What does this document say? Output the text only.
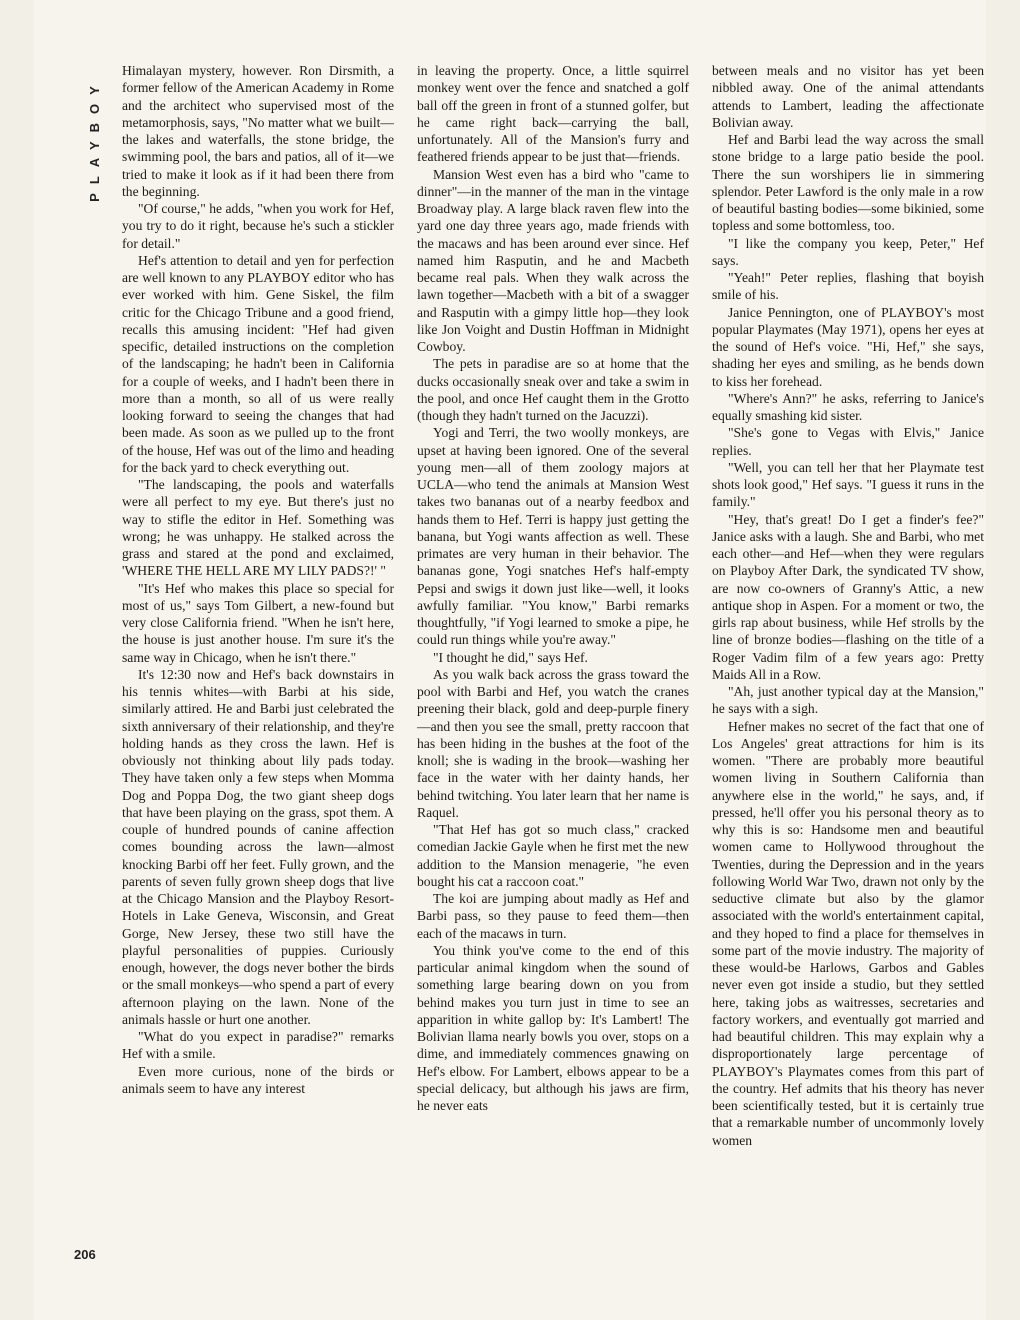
PLAYBOY

Himalayan mystery, however. Ron Dirsmith, a former fellow of the American Academy in Rome and the architect who supervised most of the metamorphosis, says, "No matter what we built—the lakes and waterfalls, the stone bridge, the swimming pool, the bars and patios, all of it—we tried to make it look as if it had been there from the beginning.

"Of course," he adds, "when you work for Hef, you try to do it right, because he's such a stickler for detail."

Hef's attention to detail and yen for perfection are well known to any PLAYBOY editor who has ever worked with him. Gene Siskel, the film critic for the Chicago Tribune and a good friend, recalls this amusing incident: "Hef had given specific, detailed instructions on the completion of the landscaping; he hadn't been in California for a couple of weeks, and I hadn't been there in more than a month, so all of us were really looking forward to seeing the changes that had been made. As soon as we pulled up to the front of the house, Hef was out of the limo and heading for the back yard to check everything out.

"The landscaping, the pools and waterfalls were all perfect to my eye. But there's just no way to stifle the editor in Hef. Something was wrong; he was unhappy. He stalked across the grass and stared at the pond and exclaimed, 'WHERE THE HELL ARE MY LILY PADS?!' "

"It's Hef who makes this place so special for most of us," says Tom Gilbert, a new-found but very close California friend. "When he isn't here, the house is just another house. I'm sure it's the same way in Chicago, when he isn't there."

It's 12:30 now and Hef's back downstairs in his tennis whites—with Barbi at his side, similarly attired. He and Barbi just celebrated the sixth anniversary of their relationship, and they're holding hands as they cross the lawn. Hef is obviously not thinking about lily pads today. They have taken only a few steps when Momma Dog and Poppa Dog, the two giant sheep dogs that have been playing on the grass, spot them. A couple of hundred pounds of canine affection comes bounding across the lawn—almost knocking Barbi off her feet. Fully grown, and the parents of seven fully grown sheep dogs that live at the Chicago Mansion and the Playboy Resort-Hotels in Lake Geneva, Wisconsin, and Great Gorge, New Jersey, these two still have the playful personalities of puppies. Curiously enough, however, the dogs never bother the birds or the small monkeys—who spend a part of every afternoon playing on the lawn. None of the animals hassle or hurt one another.

"What do you expect in paradise?" remarks Hef with a smile.

Even more curious, none of the birds or animals seem to have any interest

in leaving the property. Once, a little squirrel monkey went over the fence and snatched a golf ball off the green in front of a stunned golfer, but he came right back—carrying the ball, unfortunately. All of the Mansion's furry and feathered friends appear to be just that—friends.

Mansion West even has a bird who "came to dinner"—in the manner of the man in the vintage Broadway play. A large black raven flew into the yard one day three years ago, made friends with the macaws and has been around ever since. Hef named him Rasputin, and he and Macbeth became real pals. When they walk across the lawn together—Macbeth with a bit of a swagger and Rasputin with a gimpy little hop—they look like Jon Voight and Dustin Hoffman in Midnight Cowboy.

The pets in paradise are so at home that the ducks occasionally sneak over and take a swim in the pool, and once Hef caught them in the Grotto (though they hadn't turned on the Jacuzzi).

Yogi and Terri, the two woolly monkeys, are upset at having been ignored. One of the several young men—all of them zoology majors at UCLA—who tend the animals at Mansion West takes two bananas out of a nearby feedbox and hands them to Hef. Terri is happy just getting the banana, but Yogi wants affection as well. These primates are very human in their behavior. The bananas gone, Yogi snatches Hef's half-empty Pepsi and swigs it down just like—well, it looks awfully familiar. "You know," Barbi remarks thoughtfully, "if Yogi learned to smoke a pipe, he could run things while you're away."

"I thought he did," says Hef.

As you walk back across the grass toward the pool with Barbi and Hef, you watch the cranes preening their black, gold and deep-purple finery—and then you see the small, pretty raccoon that has been hiding in the bushes at the foot of the knoll; she is wading in the brook—washing her face in the water with her dainty hands, her behind twitching. You later learn that her name is Raquel.

"That Hef has got so much class," cracked comedian Jackie Gayle when he first met the new addition to the Mansion menagerie, "he even bought his cat a raccoon coat."

The koi are jumping about madly as Hef and Barbi pass, so they pause to feed them—then each of the macaws in turn.

You think you've come to the end of this particular animal kingdom when the sound of something large bearing down on you from behind makes you turn just in time to see an apparition in white gallop by: It's Lambert! The Bolivian llama nearly bowls you over, stops on a dime, and immediately commences gnawing on Hef's elbow. For Lambert, elbows appear to be a special delicacy, but although his jaws are firm, he never eats

between meals and no visitor has yet been nibbled away. One of the animal attendants attends to Lambert, leading the affectionate Bolivian away.

Hef and Barbi lead the way across the small stone bridge to a large patio beside the pool. There the sun worshipers lie in simmering splendor. Peter Lawford is the only male in a row of beautiful basting bodies—some bikinied, some topless and some bottomless, too.

"I like the company you keep, Peter," Hef says.

"Yeah!" Peter replies, flashing that boyish smile of his.

Janice Pennington, one of PLAYBOY's most popular Playmates (May 1971), opens her eyes at the sound of Hef's voice. "Hi, Hef," she says, shading her eyes and smiling, as he bends down to kiss her forehead.

"Where's Ann?" he asks, referring to Janice's equally smashing kid sister.

"She's gone to Vegas with Elvis," Janice replies.

"Well, you can tell her that her Playmate test shots look good," Hef says. "I guess it runs in the family."

"Hey, that's great! Do I get a finder's fee?" Janice asks with a laugh. She and Barbi, who met each other—and Hef—when they were regulars on Playboy After Dark, the syndicated TV show, are now co-owners of Granny's Attic, a new antique shop in Aspen. For a moment or two, the girls rap about business, while Hef strolls by the line of bronze bodies—flashing on the title of a Roger Vadim film of a few years ago: Pretty Maids All in a Row.

"Ah, just another typical day at the Mansion," he says with a sigh.

Hefner makes no secret of the fact that one of Los Angeles' great attractions for him is its women. "There are probably more beautiful women living in Southern California than anywhere else in the world," he says, and, if pressed, he'll offer you his personal theory as to why this is so: Handsome men and beautiful women came to Hollywood throughout the Twenties, during the Depression and in the years following World War Two, drawn not only by the seductive climate but also by the glamor associated with the world's entertainment capital, and they hoped to find a place for themselves in some part of the movie industry. The majority of these would-be Harlows, Garbos and Gables never even got inside a studio, but they settled here, taking jobs as waitresses, secretaries and factory workers, and eventually got married and had beautiful children. This may explain why a disproportionately large percentage of PLAYBOY's Playmates comes from this part of the country. Hef admits that his theory has never been scientifically tested, but it is certainly true that a remarkable number of uncommonly lovely women

206
